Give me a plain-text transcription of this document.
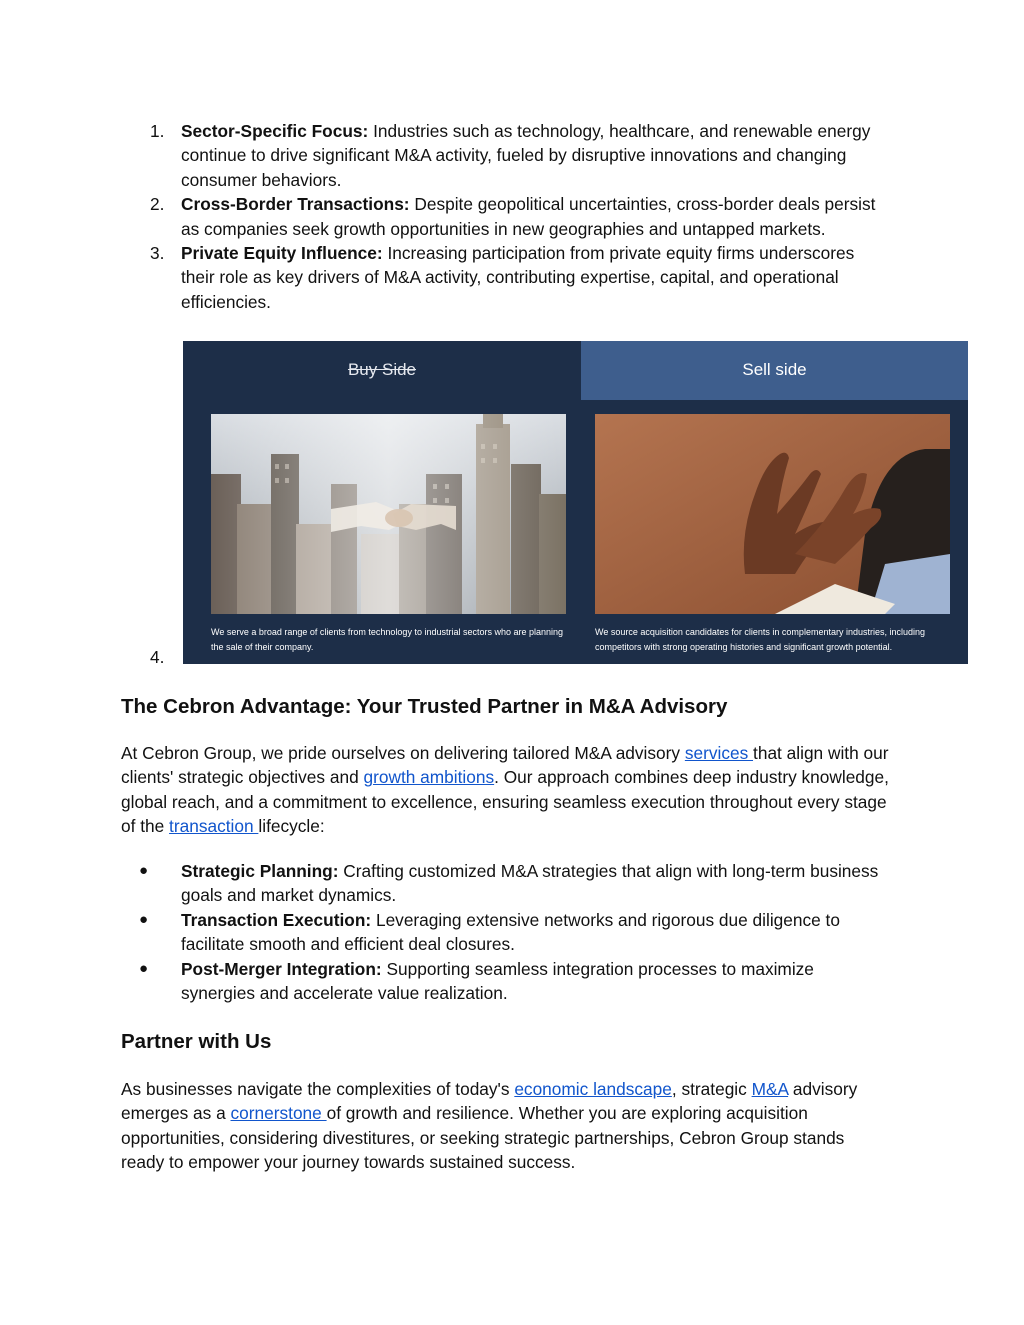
1. Sector-Specific Focus: Industries such as technology, healthcare, and renewable energy continue to drive significant M&A activity, fueled by disruptive innovations and changing consumer behaviors.
2. Cross-Border Transactions: Despite geopolitical uncertainties, cross-border deals persist as companies seek growth opportunities in new geographies and untapped markets.
3. Private Equity Influence: Increasing participation from private equity firms underscores their role as key drivers of M&A activity, contributing expertise, capital, and operational efficiencies.
4.
Buy Side	Sell side
We serve a broad range of clients from technology to industrial sectors who are planning the sale of their company.
We source acquisition candidates for clients in complementary industries, including competitors with strong operating histories and significant growth potential.
The Cebron Advantage: Your Trusted Partner in M&A Advisory

At Cebron Group, we pride ourselves on delivering tailored M&A advisory services that align with our clients' strategic objectives and growth ambitions. Our approach combines deep industry knowledge, global reach, and a commitment to excellence, ensuring seamless execution throughout every stage of the transaction lifecycle:

● Strategic Planning: Crafting customized M&A strategies that align with long-term business goals and market dynamics.
● Transaction Execution: Leveraging extensive networks and rigorous due diligence to facilitate smooth and efficient deal closures.
● Post-Merger Integration: Supporting seamless integration processes to maximize synergies and accelerate value realization.
Partner with Us

As businesses navigate the complexities of today's economic landscape, strategic M&A advisory emerges as a cornerstone of growth and resilience. Whether you are exploring acquisition opportunities, considering divestitures, or seeking strategic partnerships, Cebron Group stands ready to empower your journey towards sustained success.
